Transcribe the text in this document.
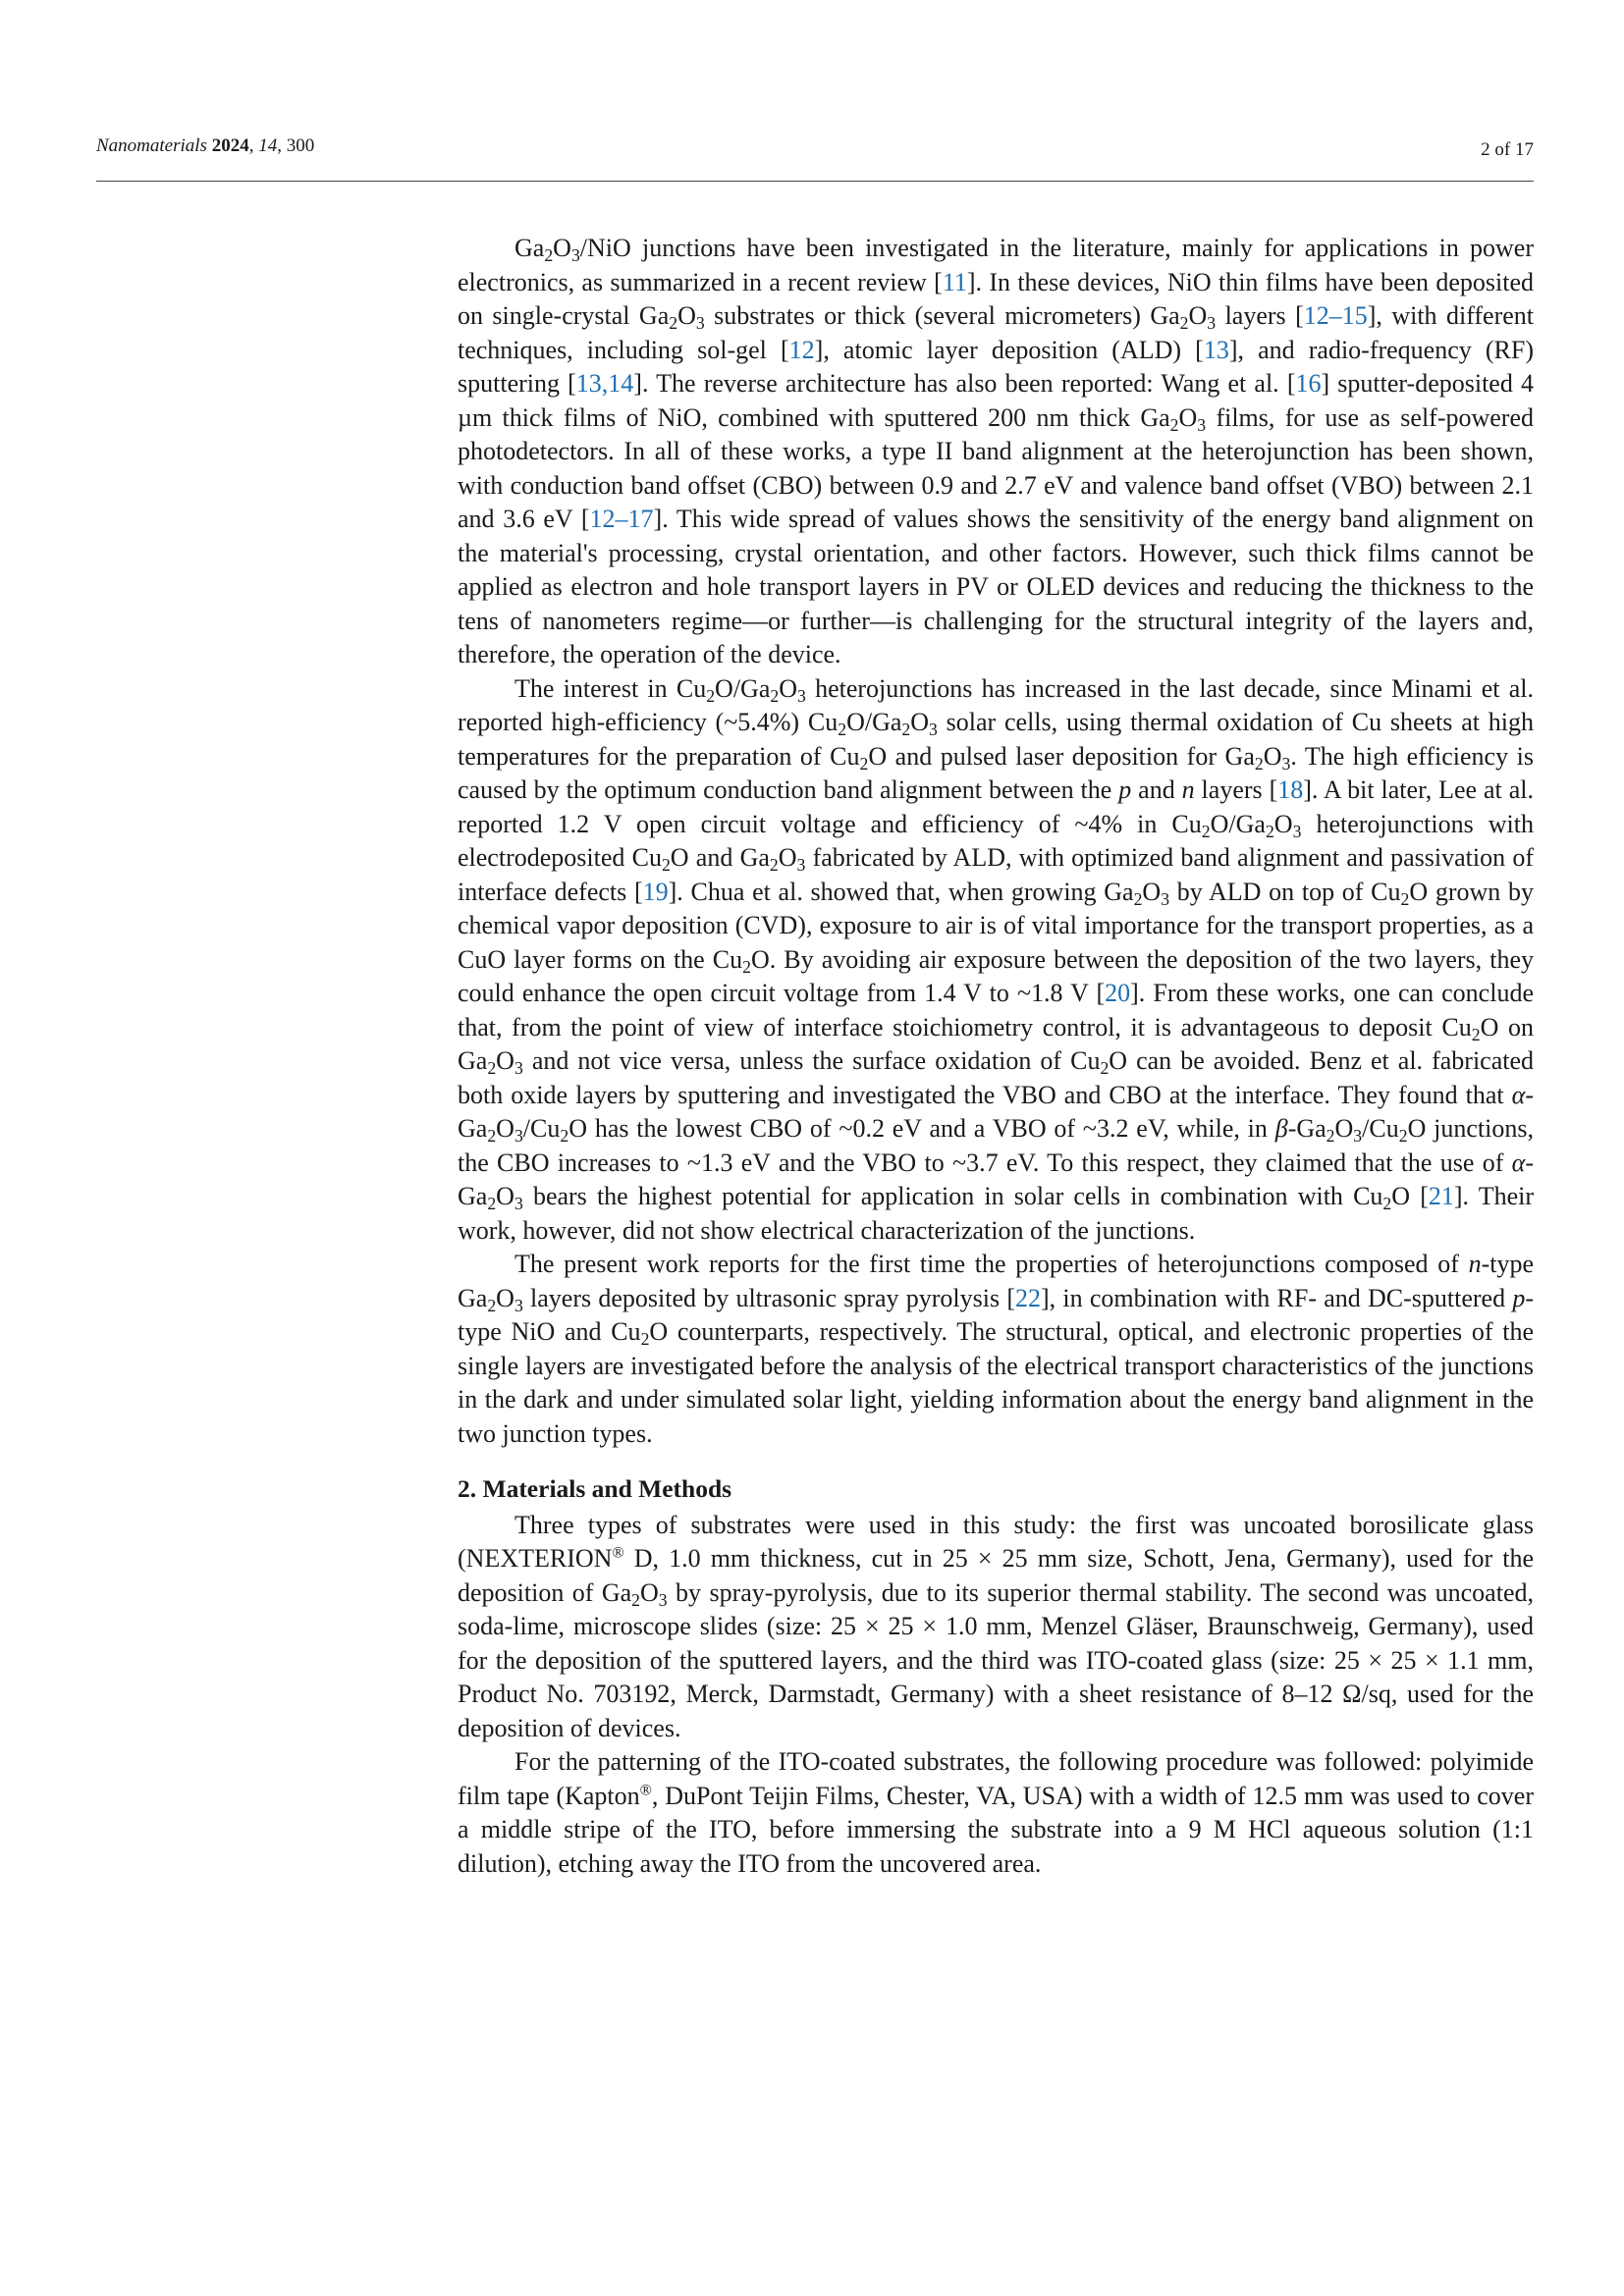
Nanomaterials 2024, 14, 300	2 of 17

$Ga_2O_3$/NiO junctions have been investigated in the literature, mainly for applications in power electronics, as summarized in a recent review [11]. In these devices, NiO thin films have been deposited on single-crystal $Ga_2O_3$ substrates or thick (several micrometers) $Ga_2O_3$ layers [12–15], with different techniques, including sol-gel [12], atomic layer deposition (ALD) [13], and radio-frequency (RF) sputtering [13,14]. The reverse architecture has also been reported: Wang et al. [16] sputter-deposited 4 µm thick films of NiO, combined with sputtered 200 nm thick $Ga_2O_3$ films, for use as self-powered photodetectors. In all of these works, a type II band alignment at the heterojunction has been shown, with conduction band offset (CBO) between 0.9 and 2.7 eV and valence band offset (VBO) between 2.1 and 3.6 eV [12–17]. This wide spread of values shows the sensitivity of the energy band alignment on the material's processing, crystal orientation, and other factors. However, such thick films cannot be applied as electron and hole transport layers in PV or OLED devices and reducing the thickness to the tens of nanometers regime—or further—is challenging for the structural integrity of the layers and, therefore, the operation of the device.

The interest in $Cu_2O/Ga_2O_3$ heterojunctions has increased in the last decade, since Minami et al. reported high-efficiency (~5.4%) $Cu_2O/Ga_2O_3$ solar cells, using thermal oxidation of Cu sheets at high temperatures for the preparation of $Cu_2O$ and pulsed laser deposition for $Ga_2O_3$. The high efficiency is caused by the optimum conduction band alignment between the p and n layers [18]. A bit later, Lee at al. reported 1.2 V open circuit voltage and efficiency of ~4% in $Cu_2O/Ga_2O_3$ heterojunctions with electrodeposited $Cu_2O$ and $Ga_2O_3$ fabricated by ALD, with optimized band alignment and passivation of interface defects [19]. Chua et al. showed that, when growing $Ga_2O_3$ by ALD on top of $Cu_2O$ grown by chemical vapor deposition (CVD), exposure to air is of vital importance for the transport properties, as a CuO layer forms on the $Cu_2O$. By avoiding air exposure between the deposition of the two layers, they could enhance the open circuit voltage from 1.4 V to ~1.8 V [20]. From these works, one can conclude that, from the point of view of interface stoichiometry control, it is advantageous to deposit $Cu_2O$ on $Ga_2O_3$ and not vice versa, unless the surface oxidation of $Cu_2O$ can be avoided. Benz et al. fabricated both oxide layers by sputtering and investigated the VBO and CBO at the interface. They found that $\alpha-Ga_2O_3/Cu_2O$ has the lowest CBO of ~0.2 eV and a VBO of ~3.2 eV, while, in $\beta-Ga_2O_3/Cu_2O$ junctions, the CBO increases to ~1.3 eV and the VBO to ~3.7 eV. To this respect, they claimed that the use of $\alpha-Ga_2O_3$ bears the highest potential for application in solar cells in combination with $Cu_2O$ [21]. Their work, however, did not show electrical characterization of the junctions.

The present work reports for the first time the properties of heterojunctions composed of n-type $Ga_2O_3$ layers deposited by ultrasonic spray pyrolysis [22], in combination with RF- and DC-sputtered p-type NiO and $Cu_2O$ counterparts, respectively. The structural, optical, and electronic properties of the single layers are investigated before the analysis of the electrical transport characteristics of the junctions in the dark and under simulated solar light, yielding information about the energy band alignment in the two junction types.

2. Materials and Methods

Three types of substrates were used in this study: the first was uncoated borosilicate glass (NEXTERION® D, 1.0 mm thickness, cut in 25 × 25 mm size, Schott, Jena, Germany), used for the deposition of $Ga_2O_3$ by spray-pyrolysis, due to its superior thermal stability. The second was uncoated, soda-lime, microscope slides (size: 25 × 25 × 1.0 mm, Menzel Gläser, Braunschweig, Germany), used for the deposition of the sputtered layers, and the third was ITO-coated glass (size: 25 × 25 × 1.1 mm, Product No. 703192, Merck, Darmstadt, Germany) with a sheet resistance of 8–12 Ω/sq, used for the deposition of devices.

For the patterning of the ITO-coated substrates, the following procedure was followed: polyimide film tape (Kapton®, DuPont Teijin Films, Chester, VA, USA) with a width of 12.5 mm was used to cover a middle stripe of the ITO, before immersing the substrate into a 9 M HCl aqueous solution (1:1 dilution), etching away the ITO from the uncovered area.
